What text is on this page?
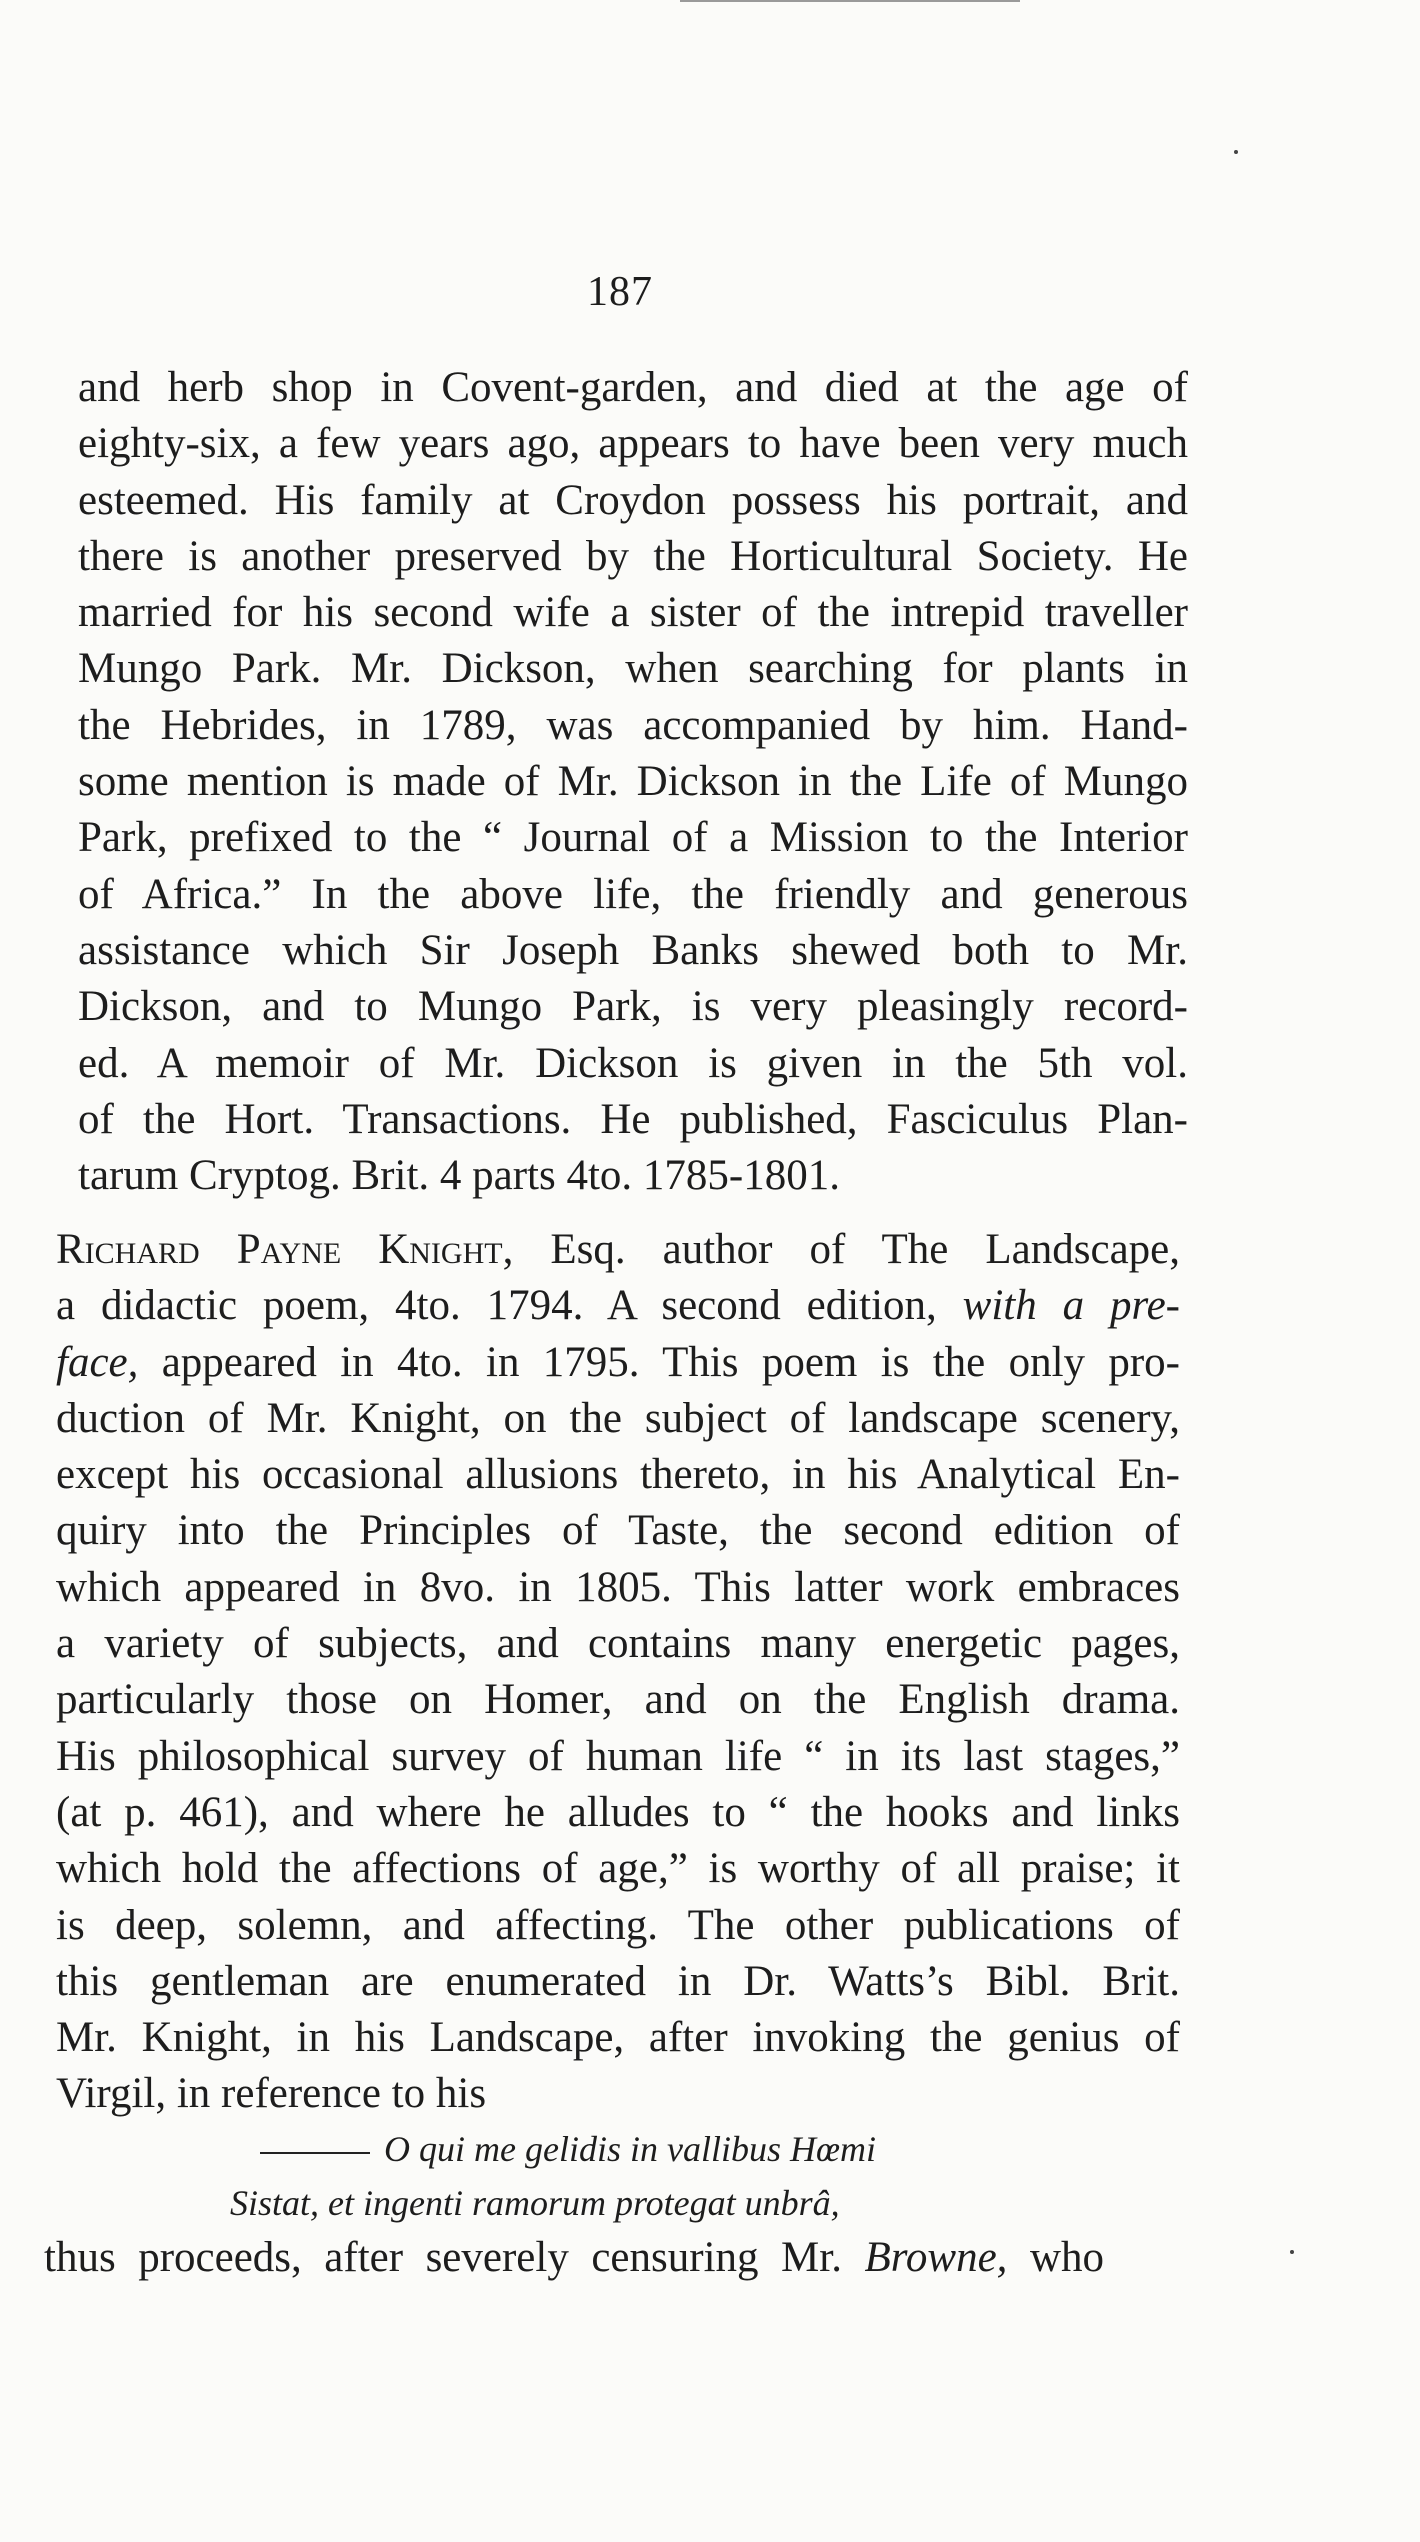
187

and herb shop in Covent-garden, and died at the age of
eighty-six, a few years ago, appears to have been very much
esteemed. His family at Croydon possess his portrait, and
there is another preserved by the Horticultural Society. He
married for his second wife a sister of the intrepid traveller
Mungo Park. Mr. Dickson, when searching for plants in
the Hebrides, in 1789, was accompanied by him. Hand-
some mention is made of Mr. Dickson in the Life of Mungo
Park, prefixed to the “ Journal of a Mission to the Interior
of Africa.” In the above life, the friendly and generous
assistance which Sir Joseph Banks shewed both to Mr.
Dickson, and to Mungo Park, is very pleasingly record-
ed. A memoir of Mr. Dickson is given in the 5th vol.
of the Hort. Transactions. He published, Fasciculus Plan-
tarum Cryptog. Brit. 4 parts 4to. 1785-1801.

Richard Payne Knight, Esq. author of The Landscape,
a didactic poem, 4to. 1794. A second edition, with a pre-
face, appeared in 4to. in 1795. This poem is the only pro-
duction of Mr. Knight, on the subject of landscape scenery,
except his occasional allusions thereto, in his Analytical En-
quiry into the Principles of Taste, the second edition of
which appeared in 8vo. in 1805. This latter work embraces
a variety of subjects, and contains many energetic pages,
particularly those on Homer, and on the English drama.
His philosophical survey of human life “ in its last stages,”
(at p. 461), and where he alludes to “ the hooks and links
which hold the affections of age,” is worthy of all praise; it
is deep, solemn, and affecting. The other publications of
this gentleman are enumerated in Dr. Watts’s Bibl. Brit.
Mr. Knight, in his Landscape, after invoking the genius of
Virgil, in reference to his

O qui me gelidis in vallibus Hœmi
Sistat, et ingenti ramorum protegat unbrâ,
thus proceeds, after severely censuring Mr. Browne, who
